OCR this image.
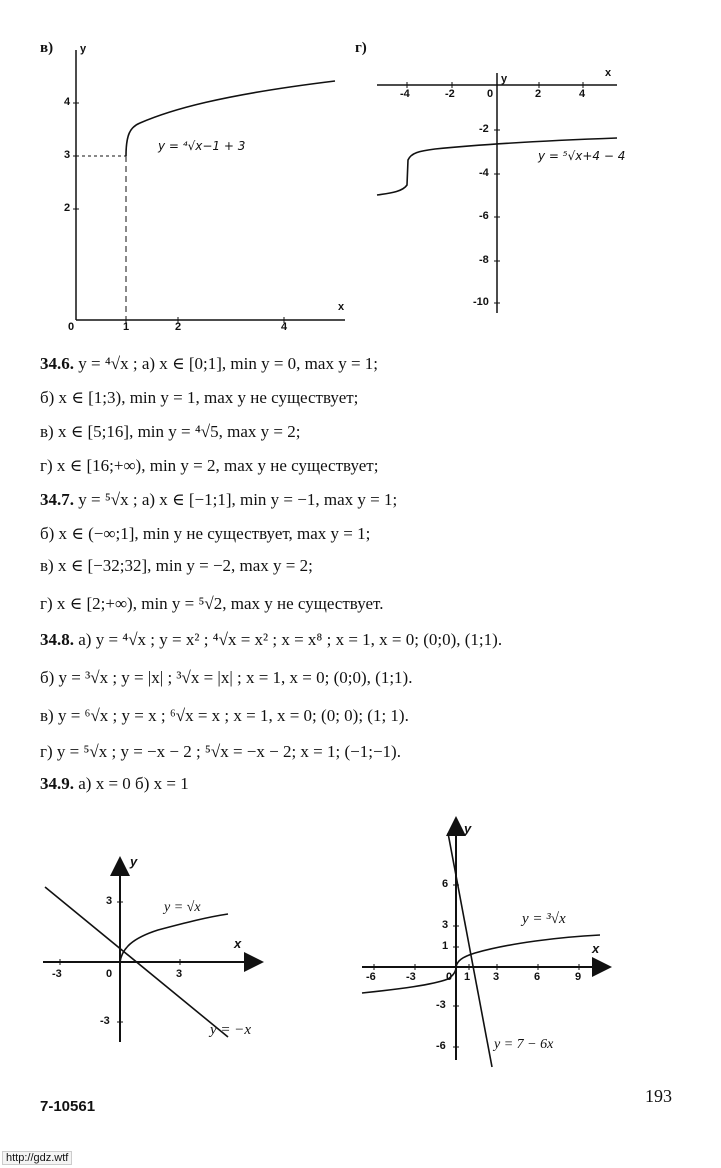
в) y
x
4
3
2
0	1	2	4
y = ⁴√x−1 + 3
г)
x
y
-4	-2	0	2	4
-2
-4
-6
-8
-10
y = ⁵√x+4 − 4
34.6. y = ⁴√x ; а) x ∈ [0;1], min y = 0, max y = 1;
б) x ∈ [1;3), min y = 1, max y не существует;
в) x ∈ [5;16], min y = ⁴√5, max y = 2;
г) x ∈ [16;+∞), min y = 2, max y не существует;
34.7. y = ⁵√x ; а) x ∈ [−1;1], min y = −1, max y = 1;
б) x ∈ (−∞;1], min y не существует, max y = 1;
в) x ∈ [−32;32], min y = −2, max y = 2;
г) x ∈ [2;+∞), min y = ⁵√2, max y не существует.
34.8. а) y = ⁴√x ; y = x² ; ⁴√x = x² ; x = x⁸ ; x = 1, x = 0; (0;0), (1;1).
б) y = ³√x ; y = |x| ; ³√x = |x| ; x = 1, x = 0; (0;0), (1;1).
в) y = ⁶√x ; y = x ; ⁶√x = x ; x = 1, x = 0; (0; 0); (1; 1).
г) y = ⁵√x ; y = −x − 2 ; ⁵√x = −x − 2; x = 1; (−1;−1).
34.9. а) x = 0 б) x = 1
y
x
3
-3
-3	0	3
y = √x
y = −x
y
x
6
3
1
-3
-6
-6	-3	0 1 3	6	9
y = ³√x
y = 7 − 6x
7-10561
193
http://gdz.wtf
